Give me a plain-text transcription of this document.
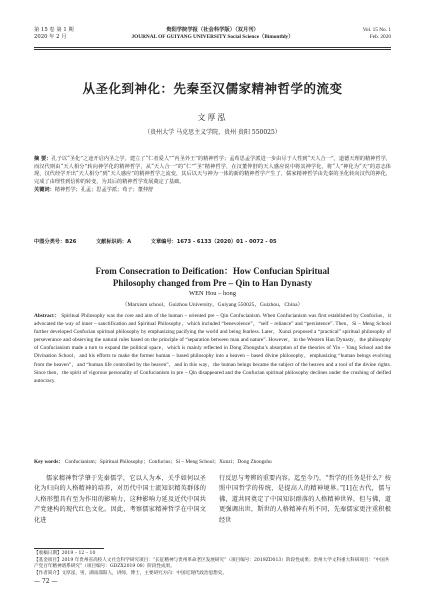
第 15 卷 第 1 期
2020 年 2 月
贵阳学院学报（社会科学版）（双月刊）
JOURNAL OF GUIYANG UNIVERSITY Social Science（Bimonthly）
Vol. 15 No. 1
Feb. 2020
从圣化到神化：先秦至汉儒家精神哲学的流变
文厚泓
（贵州大学 马克思主义学院，贵州 贵阳 550025）
摘 要：孔子以“圣化”之途开启内圣之学，建立了“仁者爱人”“内圣外王”的精神哲学；孟荀思孟学派进一步由尽于人性到“天人合一”，道德天理的精神哲学，而汉代则由“天人相分”转向神学化的精神哲学，从“天人合一”的“仁”“圣”精神哲学，在汉董仲舒的天人感应说中将其神学化，将“人”神化为“天”的意志体现，汉代经学开出“天人相分”到“天人感应”的精神哲学之流变，其后以天与神为一体的新的精神哲学产生了，儒家精神哲学由先秦的圣化转向汉代的神化，完成了由理性到信仰的转变，为其后的精神哲学发展奠定了基础。
关键词：精神哲学；孔孟；思孟学派；荀子；董仲舒
中图分类号：B26	文献标识码：A	文章编号：1673 - 6133（2020）01 - 0072 - 05
From Consecration to Deification：How Confucian Spiritual
Philosophy changed from Pre – Qin to Han Dynasty
WEN Hou – hong
（Marxism school，Guizhou University，Guiyang 550025，Guizhou，China）
Abstract： Spiritual Philosophy was the core and aim of the human – oriented pre – Qin Confucianism. When Confucianism was first established by Confucius，it advocated the way of inner – sanctification and Spiritual Philosophy，which included “benevolence”，“self – reliance” and “persistence”. Then，Si – Meng School further developed Confucian spiritual philosophy by emphasizing pacifying the world and being fearless. Later，Xunzi proposed a “practical” spiritual philosophy of perseverance and observing the natural rules based on the principle of “separation between man and nature”. However，in the Western Han Dynasty，the philosophy of Confucianism made a turn to expand the political space，which is mainly reflected in Dong Zhongshu’s absorption of the theories of Yin – Yang School and the Divination School，and his efforts to make the former human – based philosophy into a heaven – based divine philosophy，emphasizing “human beings evolving from the heaven”，and “human life controlled by the heaven”，and in this way，the human beings became the subject of the heaven and a tool of the divine rights. Since then，the spirit of vigorous personality of Confucianism in pre – Qin disappeared and the Confucian spiritual philosophy declines under the crushing of deified autocracy.
Key words： Confucianism；Spiritual Philosophy；Confucius；Si – Meng School；Xunzi；Dong Zhongshu
儒家精神哲学肇于先秦儒学，它以人为本，关乎如何以圣化为归向的人格精神的培养，对历代中国士流知识精英群体的人格形塑具有至为作用的影响力，这种影响力延及近代中国共产党建构的现代红色文化。因此，考察儒家精神哲学在中国文化进
行反思与考辨的重要内容。迄至今乃，“哲学的任务是什么？按照中国哲学的传统，是提高人的精神境界。”[1]在古代，儒与佛，道共同奠定了中国知识群落的人格精神世界，但与佛，道更强调出世，斯世的人格精神有所不同，先秦儒家更注重积极经世
【收稿日期】2019 – 12 – 10
【基金项目】2019 年贵州省高校人文社会科学研究项目：“长征精神与贵州革命老区发展研究”（项目编号：2019ZD013）阶段性成果；贵州大学文科重大科研项目：“中国共产党百年精神谱系研究”（项目编号：GDZX2019 08）阶段性成果。
【作者简介】文厚泓，男，湖南邵阳人，讲师，博士，主要研究方向：中国近现代政治思想史。
— 72 —
